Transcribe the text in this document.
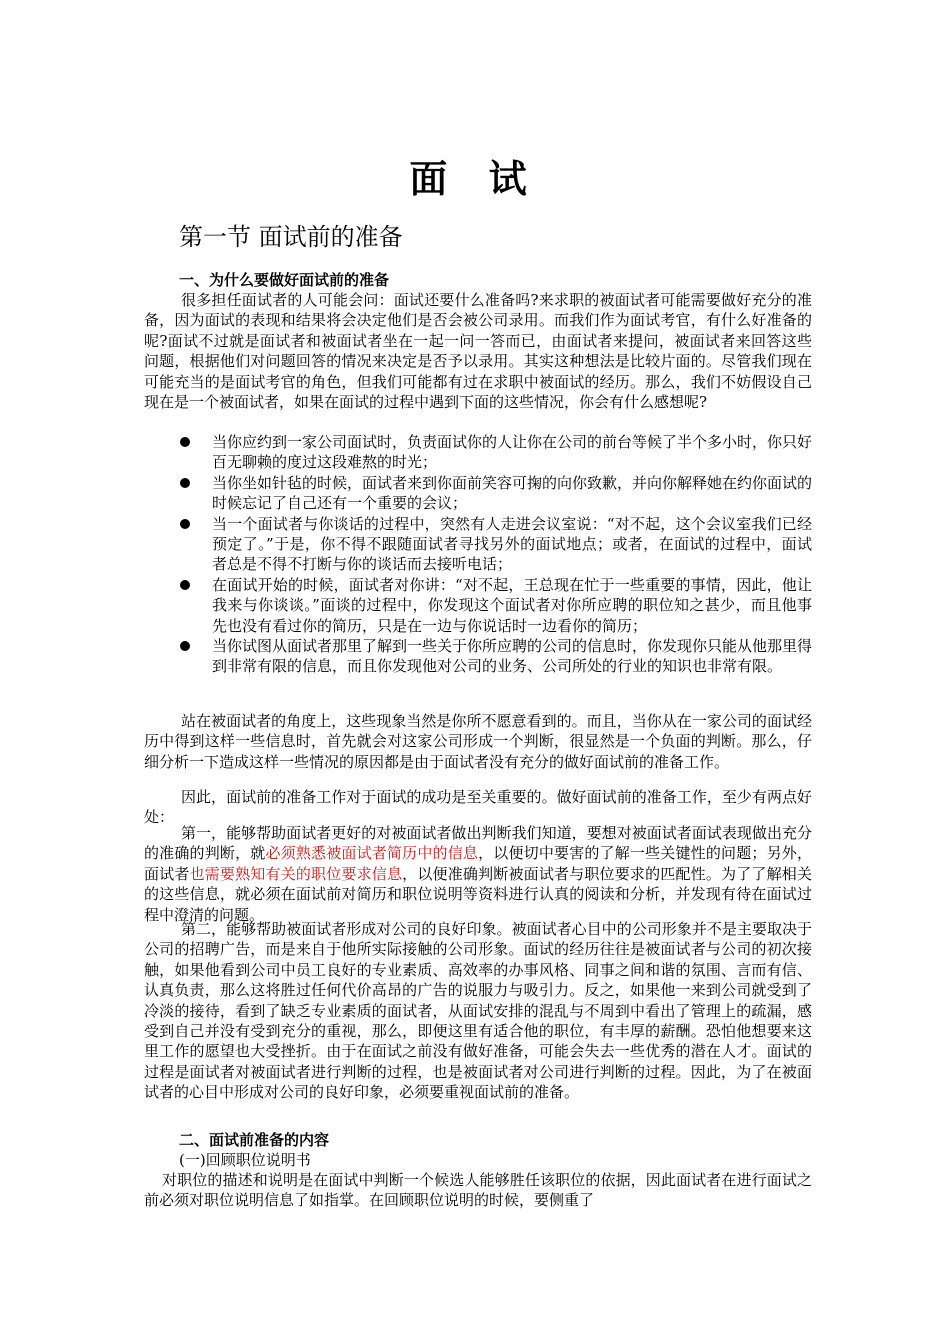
面 试
第一节 面试前的准备
一、为什么要做好面试前的准备
很多担任面试者的人可能会问：面试还要什么准备吗?来求职的被面试者可能需要做好充分的准备，因为面试的表现和结果将会决定他们是否会被公司录用。而我们作为面试考官，有什么好准备的呢?面试不过就是面试者和被面试者坐在一起一问一答而已，由面试者来提问，被面试者来回答这些问题，根据他们对问题回答的情况来决定是否予以录用。其实这种想法是比较片面的。尽管我们现在可能充当的是面试考官的角色，但我们可能都有过在求职中被面试的经历。那么，我们不妨假设自己现在是一个被面试者，如果在面试的过程中遇到下面的这些情况，你会有什么感想呢?
当你应约到一家公司面试时，负责面试你的人让你在公司的前台等候了半个多小时，你只好百无聊赖的度过这段难熬的时光；
当你坐如针毡的时候，面试者来到你面前笑容可掬的向你致歉，并向你解释她在约你面试的时候忘记了自己还有一个重要的会议；
当一个面试者与你谈话的过程中，突然有人走进会议室说：“对不起，这个会议室我们已经预定了。”于是，你不得不跟随面试者寻找另外的面试地点；或者，在面试的过程中，面试者总是不得不打断与你的谈话而去接听电话；
在面试开始的时候，面试者对你讲：“对不起，王总现在忙于一些重要的事情，因此，他让我来与你谈谈。”面谈的过程中，你发现这个面试者对你所应聘的职位知之甚少，而且他事先也没有看过你的简历，只是在一边与你说话时一边看你的简历；
当你试图从面试者那里了解到一些关于你所应聘的公司的信息时，你发现你只能从他那里得到非常有限的信息，而且你发现他对公司的业务、公司所处的行业的知识也非常有限。
站在被面试者的角度上，这些现象当然是你所不愿意看到的。而且，当你从在一家公司的面试经历中得到这样一些信息时，首先就会对这家公司形成一个判断，很显然是一个负面的判断。那么，仔细分析一下造成这样一些情况的原因都是由于面试者没有充分的做好面试前的准备工作。
因此，面试前的准备工作对于面试的成功是至关重要的。做好面试前的准备工作，至少有两点好处：
第一，能够帮助面试者更好的对被面试者做出判断我们知道，要想对被面试者面试表现做出充分的准确的判断，就必须熟悉被面试者简历中的信息，以便切中要害的了解一些关键性的问题；另外，面试者也需要熟知有关的职位要求信息，以便准确判断被面试者与职位要求的匹配性。为了了解相关的这些信息，就必须在面试前对简历和职位说明等资料进行认真的阅读和分析，并发现有待在面试过程中澄清的问题。
第二，能够帮助被面试者形成对公司的良好印象。被面试者心目中的公司形象并不是主要取决于公司的招聘广告，而是来自于他所实际接触的公司形象。面试的经历往往是被面试者与公司的初次接触，如果他看到公司中员工良好的专业素质、高效率的办事风格、同事之间和谐的氛围、言而有信、认真负责，那么这将胜过任何代价高昂的广告的说服力与吸引力。反之，如果他一来到公司就受到了冷淡的接待，看到了缺乏专业素质的面试者，从面试安排的混乱与不周到中看出了管理上的疏漏，感受到自己并没有受到充分的重视，那么，即便这里有适合他的职位，有丰厚的薪酬。恐怕他想要来这里工作的愿望也大受挫折。由于在面试之前没有做好准备，可能会失去一些优秀的潜在人才。面试的过程是面试者对被面试者进行判断的过程，也是被面试者对公司进行判断的过程。因此，为了在被面试者的心目中形成对公司的良好印象，必须要重视面试前的准备。
二、面试前准备的内容
(一)回顾职位说明书
对职位的描述和说明是在面试中判断一个候选人能够胜任该职位的依据，因此面试者在进行面试之前必须对职位说明信息了如指掌。在回顾职位说明的时候，要侧重了
